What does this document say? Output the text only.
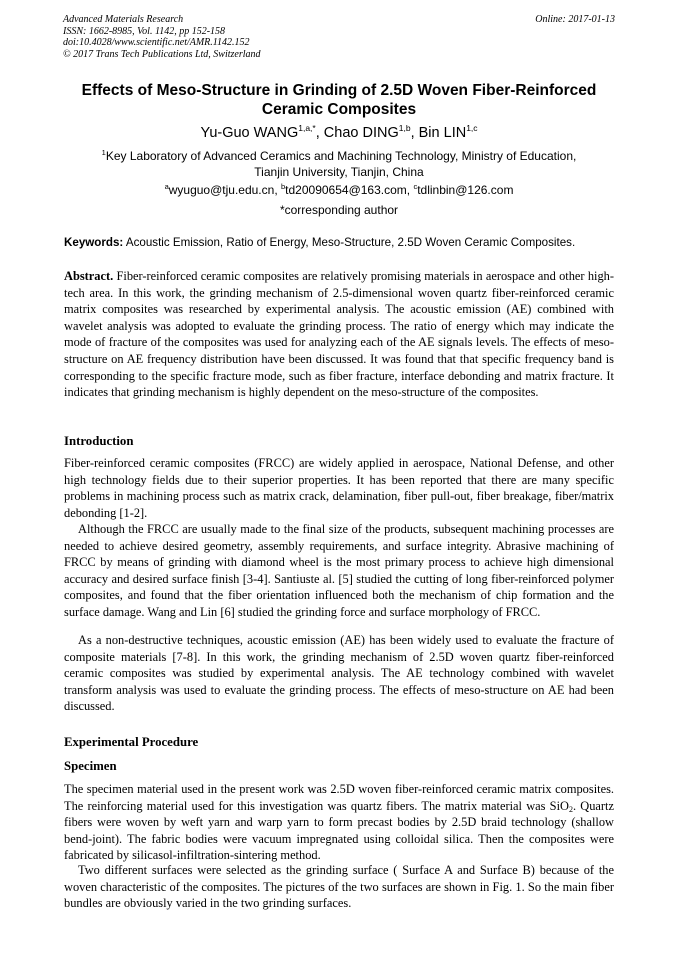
Advanced Materials Research
ISSN: 1662-8985, Vol. 1142, pp 152-158
doi:10.4028/www.scientific.net/AMR.1142.152
© 2017 Trans Tech Publications Ltd, Switzerland
Online: 2017-01-13
Effects of Meso-Structure in Grinding of 2.5D Woven Fiber-Reinforced Ceramic Composites
Yu-Guo $WANG^{1,a,*}$, Chao DING$^{1,b}$, Bin LIN$^{1,c}$
$^1$Key Laboratory of Advanced Ceramics and Machining Technology, Ministry of Education,
Tianjin University, Tianjin, China
$^a$wyuguo@tju.edu.cn, $^b$td20090654@163.com, $^c$tdlinbin@126.com
*corresponding author
Keywords: Acoustic Emission, Ratio of Energy, Meso-Structure, 2.5D Woven Ceramic Composites.
Abstract. Fiber-reinforced ceramic composites are relatively promising materials in aerospace and other high-tech area. In this work, the grinding mechanism of 2.5-dimensional woven quartz fiber-reinforced ceramic matrix composites was researched by experimental analysis. The acoustic emission (AE) combined with wavelet analysis was adopted to evaluate the grinding process. The ratio of energy which may indicate the mode of fracture of the composites was used for analyzing each of the AE signals levels. The effects of meso-structure on AE frequency distribution have been discussed. It was found that that specific frequency band is corresponding to the specific fracture mode, such as fiber fracture, interface debonding and matrix fracture. It indicates that grinding mechanism is highly dependent on the meso-structure of the composites.
Introduction
Fiber-reinforced ceramic composites (FRCC) are widely applied in aerospace, National Defense, and other high technology fields due to their superior properties. It has been reported that there are many specific problems in machining process such as matrix crack, delamination, fiber pull-out, fiber breakage, fiber/matrix debonding [1-2].
Although the FRCC are usually made to the final size of the products, subsequent machining processes are needed to achieve desired geometry, assembly requirements, and surface integrity. Abrasive machining of FRCC by means of grinding with diamond wheel is the most primary process to achieve high dimensional accuracy and desired surface finish [3-4]. Santiuste al. [5] studied the cutting of long fiber-reinforced polymer composites, and found that the fiber orientation influenced both the mechanism of chip formation and the surface damage. Wang and Lin [6] studied the grinding force and surface morphology of FRCC.
As a non-destructive techniques, acoustic emission (AE) has been widely used to evaluate the fracture of composite materials [7-8]. In this work, the grinding mechanism of 2.5D woven quartz fiber-reinforced ceramic composites was studied by experimental analysis. The AE technology combined with wavelet transform analysis was used to evaluate the grinding process. The effects of meso-structure on AE had been discussed.
Experimental Procedure
Specimen
The specimen material used in the present work was 2.5D woven fiber-reinforced ceramic matrix composites. The reinforcing material used for this investigation was quartz fibers. The matrix material was SiO$_2$. Quartz fibers were woven by weft yarn and warp yarn to form precast bodies by 2.5D braid technology (shallow bend-joint). The fabric bodies were vacuum impregnated using colloidal silica. Then the composites were fabricated by silicasol-infiltration-sintering method.
Two different surfaces were selected as the grinding surface ( Surface A and Surface B) because of the woven characteristic of the composites. The pictures of the two surfaces are shown in Fig. 1. So the main fiber bundles are obviously varied in the two grinding surfaces.
